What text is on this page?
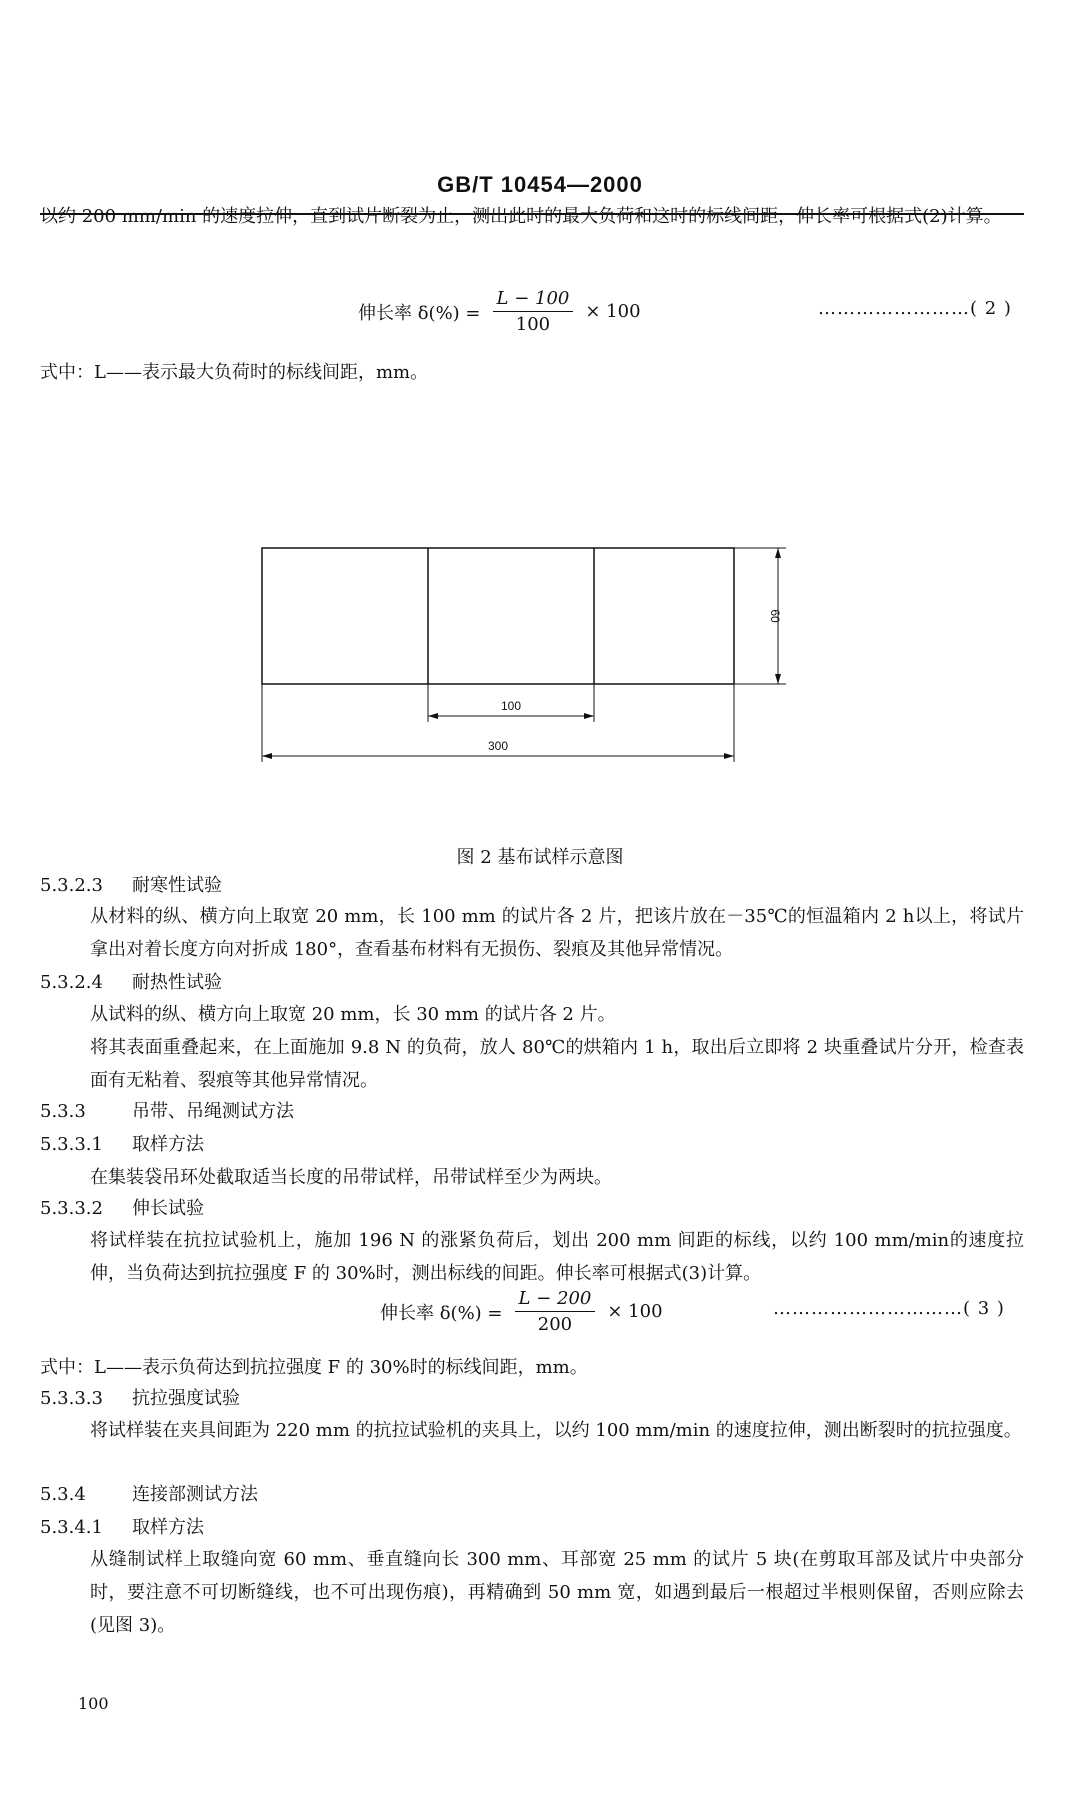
GB/T 10454—2000
以约 200 mm/min 的速度拉伸，直到试片断裂为止，测出此时的最大负荷和这时的标线间距，伸长率可根据式(2)计算。
伸长率 $\delta(\%) = \frac{L - 100}{100} \times 100$	……………………( 2 )
式中：L——表示最大负荷时的标线间距，mm。
60
100
300
图 2 基布试样示意图
5.3.2.3 耐寒性试验
从材料的纵、横方向上取宽 20 mm，长 100 mm 的试片各 2 片，把该片放在－35℃的恒温箱内 2 h以上，将试片拿出对着长度方向对折成 180°，查看基布材料有无损伤、裂痕及其他异常情况。
5.3.2.4 耐热性试验
从试料的纵、横方向上取宽 20 mm，长 30 mm 的试片各 2 片。
将其表面重叠起来，在上面施加 9.8 N 的负荷，放人 80℃的烘箱内 1 h，取出后立即将 2 块重叠试片分开，检查表面有无粘着、裂痕等其他异常情况。
5.3.3	吊带、吊绳测试方法
5.3.3.1 取样方法
在集装袋吊环处截取适当长度的吊带试样，吊带试样至少为两块。
5.3.3.2 伸长试验
将试样装在抗拉试验机上，施加 196 N 的涨紧负荷后，划出 200 mm 间距的标线，以约 100 mm/min的速度拉伸，当负荷达到抗拉强度 F 的 30%时，测出标线的间距。伸长率可根据式(3)计算。
伸长率 $\delta(\%) = \frac{L - 200}{200} \times 100$	…………………………( 3 )
式中：L——表示负荷达到抗拉强度 F 的 30%时的标线间距，mm。
5.3.3.3 抗拉强度试验
将试样装在夹具间距为 220 mm 的抗拉试验机的夹具上，以约 100 mm/min 的速度拉伸，测出断裂时的抗拉强度。
5.3.4	连接部测试方法
5.3.4.1 取样方法
从缝制试样上取缝向宽 60 mm、垂直缝向长 300 mm、耳部宽 25 mm 的试片 5 块(在剪取耳部及试片中央部分时，要注意不可切断缝线，也不可出现伤痕)，再精确到 50 mm 宽，如遇到最后一根超过半根则保留，否则应除去(见图 3)。
100
